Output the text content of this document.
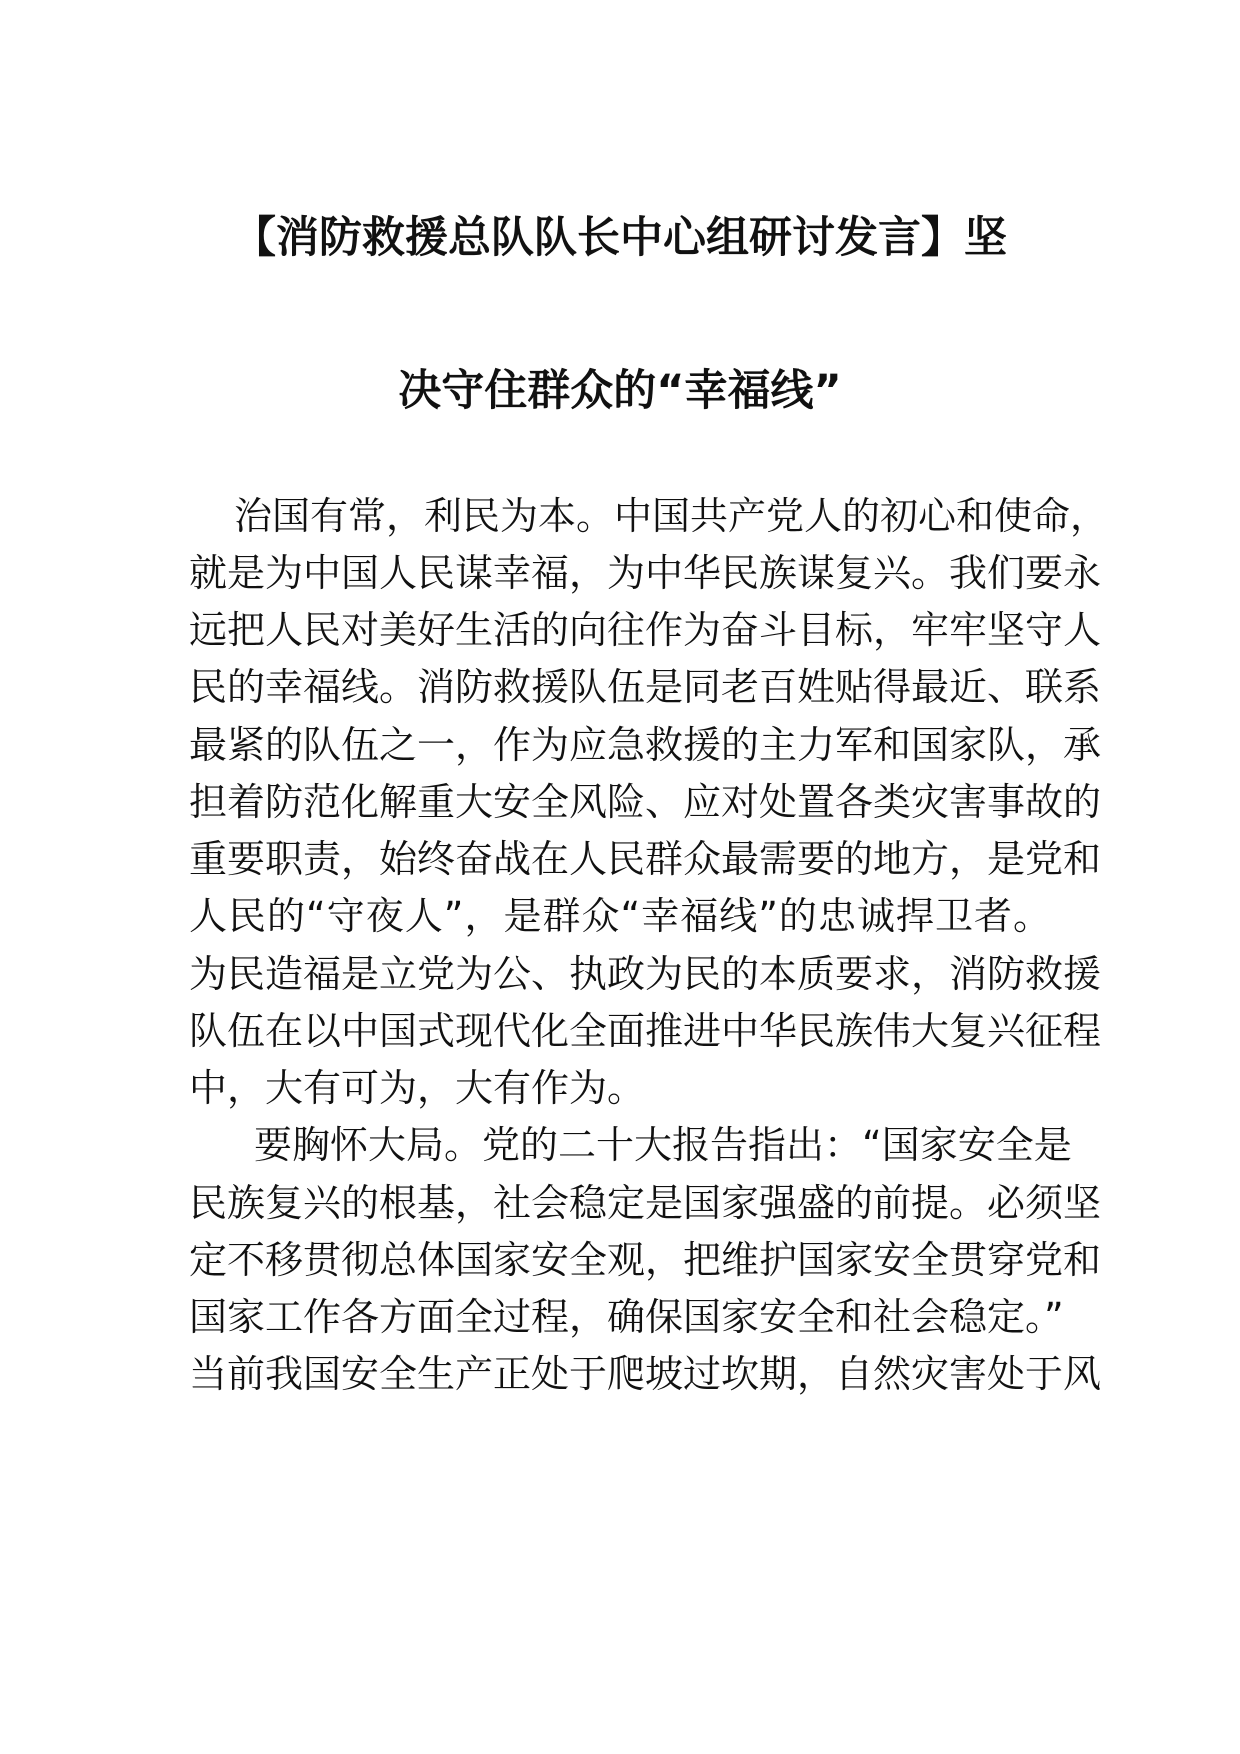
【消防救援总队队长中心组研讨发言】坚
决守住群众的“幸福线”
治国有常，利民为本。中国共产党人的初心和使命，
就是为中国人民谋幸福，为中华民族谋复兴。我们要永
远把人民对美好生活的向往作为奋斗目标，牢牢坚守人
民的幸福线。消防救援队伍是同老百姓贴得最近、联系
最紧的队伍之一，作为应急救援的主力军和国家队，承
担着防范化解重大安全风险、应对处置各类灾害事故的
重要职责，始终奋战在人民群众最需要的地方，是党和
人民的“守夜人”，是群众“幸福线”的忠诚捍卫者。
为民造福是立党为公、执政为民的本质要求，消防救援
队伍在以中国式现代化全面推进中华民族伟大复兴征程
中，大有可为，大有作为。
要胸怀大局。党的二十大报告指出：“国家安全是
民族复兴的根基，社会稳定是国家强盛的前提。必须坚
定不移贯彻总体国家安全观，把维护国家安全贯穿党和
国家工作各方面全过程，确保国家安全和社会稳定。”
当前我国安全生产正处于爬坡过坎期，自然灾害处于风
